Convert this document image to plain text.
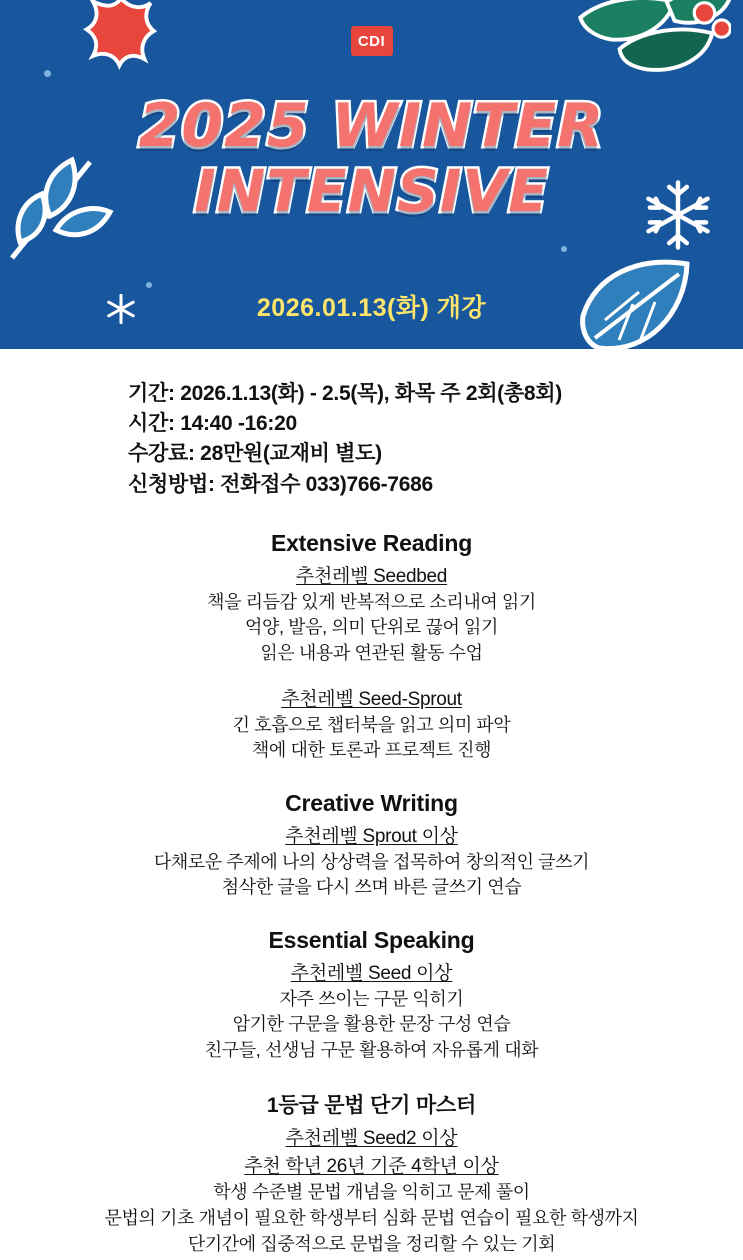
CDI
2025 WINTER
INTENSIVE
2026.01.13(화) 개강
기간: 2026.1.13(화) - 2.5(목), 화목 주 2회(총8회)
시간: 14:40 -16:20
수강료: 28만원(교재비 별도)
신청방법: 전화접수 033)766-7686
Extensive Reading
추천레벨 Seedbed
책을 리듬감 있게 반복적으로 소리내여 읽기
억양, 발음, 의미 단위로 끊어 읽기
읽은 내용과 연관된 활동 수업
추천레벨 Seed-Sprout
긴 호흡으로 챕터북을 읽고 의미 파악
책에 대한 토론과 프로젝트 진행
Creative Writing
추천레벨 Sprout 이상
다채로운 주제에 나의 상상력을 접목하여 창의적인 글쓰기
첨삭한 글을 다시 쓰며 바른 글쓰기 연습
Essential Speaking
추천레벨 Seed 이상
자주 쓰이는 구문 익히기
암기한 구문을 활용한 문장 구성 연습
친구들, 선생님 구문 활용하여 자유롭게 대화
1등급 문법 단기 마스터
추천레벨 Seed2 이상
추천 학년 26년 기준 4학년 이상
학생 수준별 문법 개념을 익히고 문제 풀이
문법의 기초 개념이 필요한 학생부터 심화 문법 연습이 필요한 학생까지
단기간에 집중적으로 문법을 정리할 수 있는 기회
